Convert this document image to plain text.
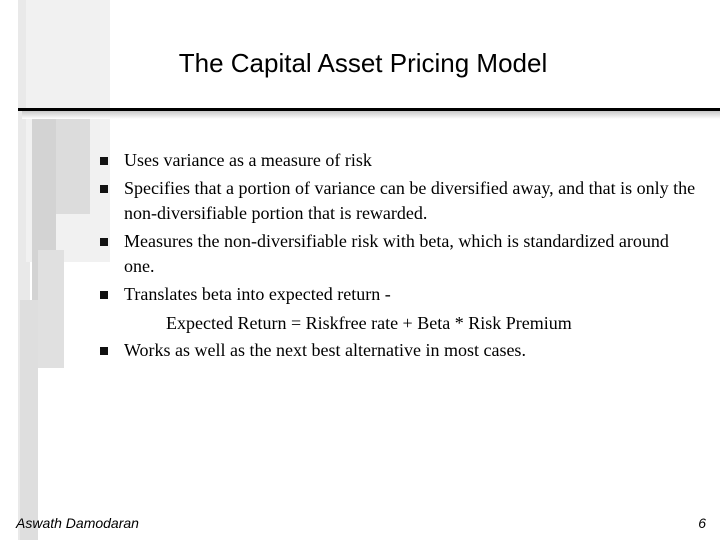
The Capital Asset Pricing Model
Uses variance as a measure of risk
Specifies that a portion of variance can be diversified away, and that is only the non-diversifiable portion that is rewarded.
Measures the non-diversifiable risk with beta, which is standardized around one.
Translates beta into expected return -
Works as well as the next best alternative in most cases.
Expected Return = Riskfree rate + Beta * Risk Premium
Aswath Damodaran	6
